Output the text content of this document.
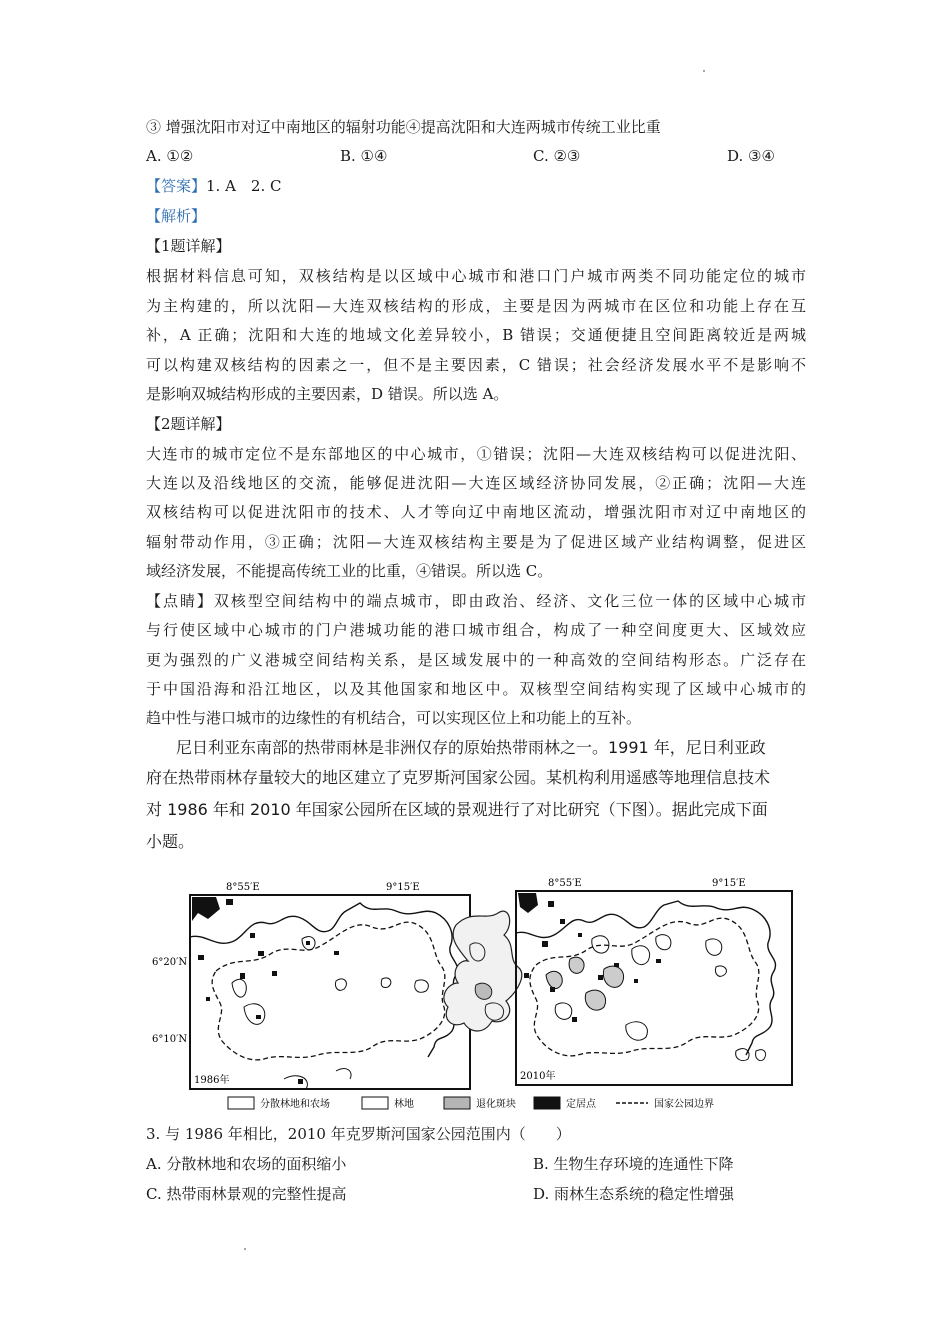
③ 增强沈阳市对辽中南地区的辐射功能④提高沈阳和大连两城市传统工业比重
A. ①②	B. ①④	C. ②③	D. ③④
【答案】1. A　2. C
【解析】
【1题详解】
根据材料信息可知，双核结构是以区域中心城市和港口门户城市两类不同功能定位的城市
为主构建的，所以沈阳—大连双核结构的形成，主要是因为两城市在区位和功能上存在互
补，A 正确；沈阳和大连的地域文化差异较小，B 错误；交通便捷且空间距离较近是两城
可以构建双核结构的因素之一，但不是主要因素，C 错误；社会经济发展水平不是影响不
是影响双城结构形成的主要因素，D 错误。所以选 A。
【2题详解】
大连市的城市定位不是东部地区的中心城市，①错误；沈阳—大连双核结构可以促进沈阳、
大连以及沿线地区的交流，能够促进沈阳—大连区域经济协同发展，②正确；沈阳—大连
双核结构可以促进沈阳市的技术、人才等向辽中南地区流动，增强沈阳市对辽中南地区的
辐射带动作用，③正确；沈阳—大连双核结构主要是为了促进区域产业结构调整，促进区
域经济发展，不能提高传统工业的比重，④错误。所以选 C。
【点睛】双核型空间结构中的端点城市，即由政治、经济、文化三位一体的区域中心城市
与行使区域中心城市的门户港城功能的港口城市组合，构成了一种空间度更大、区域效应
更为强烈的广义港城空间结构关系，是区域发展中的一种高效的空间结构形态。广泛存在
于中国沿海和沿江地区，以及其他国家和地区中。双核型空间结构实现了区域中心城市的
趋中性与港口城市的边缘性的有机结合，可以实现区位上和功能上的互补。
尼日利亚东南部的热带雨林是非洲仅存的原始热带雨林之一。1991 年，尼日利亚政
府在热带雨林存量较大的地区建立了克罗斯河国家公园。某机构利用遥感等地理信息技术
对 1986 年和 2010 年国家公园所在区域的景观进行了对比研究（下图）。据此完成下面
小题。
8°55′E	9°15′E
6°20′N
6°10′N
1986年
8°55′E	9°15′E
2010年
分散林地和农场	林地	退化斑块	定居点	国家公园边界
3. 与 1986 年相比，2010 年克罗斯河国家公园范围内（　　）
A. 分散林地和农场的面积缩小	B. 生物生存环境的连通性下降
C. 热带雨林景观的完整性提高	D. 雨林生态系统的稳定性增强
